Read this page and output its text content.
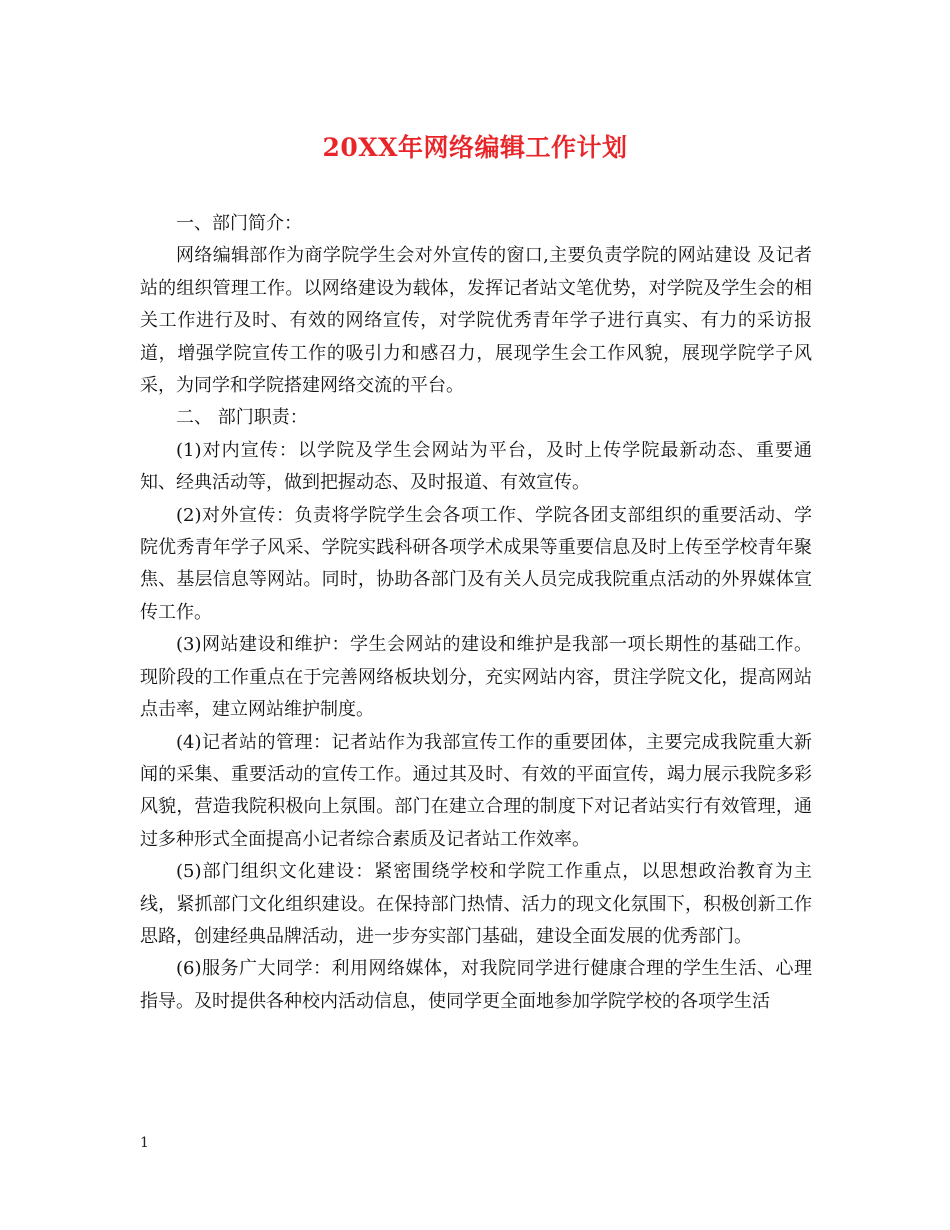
20XX年网络编辑工作计划

一、部门简介：

网络编辑部作为商学院学生会对外宣传的窗口,主要负责学院的网站建设 及记者站的组织管理工作。以网络建设为载体，发挥记者站文笔优势，对学院及学生会的相关工作进行及时、有效的网络宣传，对学院优秀青年学子进行真实、有力的采访报道，增强学院宣传工作的吸引力和感召力，展现学生会工作风貌，展现学院学子风采，为同学和学院搭建网络交流的平台。

二、 部门职责：

(1)对内宣传：以学院及学生会网站为平台，及时上传学院最新动态、重要通知、经典活动等，做到把握动态、及时报道、有效宣传。

(2)对外宣传：负责将学院学生会各项工作、学院各团支部组织的重要活动、学院优秀青年学子风采、学院实践科研各项学术成果等重要信息及时上传至学校青年聚焦、基层信息等网站。同时，协助各部门及有关人员完成我院重点活动的外界媒体宣传工作。

(3)网站建设和维护：学生会网站的建设和维护是我部一项长期性的基础工作。现阶段的工作重点在于完善网络板块划分，充实网站内容，贯注学院文化，提高网站点击率，建立网站维护制度。

(4)记者站的管理：记者站作为我部宣传工作的重要团体，主要完成我院重大新闻的采集、重要活动的宣传工作。通过其及时、有效的平面宣传，竭力展示我院多彩风貌，营造我院积极向上氛围。部门在建立合理的制度下对记者站实行有效管理，通过多种形式全面提高小记者综合素质及记者站工作效率。

(5)部门组织文化建设：紧密围绕学校和学院工作重点，以思想政治教育为主线，紧抓部门文化组织建设。在保持部门热情、活力的现文化氛围下，积极创新工作思路，创建经典品牌活动，进一步夯实部门基础，建设全面发展的优秀部门。

(6)服务广大同学：利用网络媒体，对我院同学进行健康合理的学生生活、心理指导。及时提供各种校内活动信息，使同学更全面地参加学院学校的各项学生活

1
